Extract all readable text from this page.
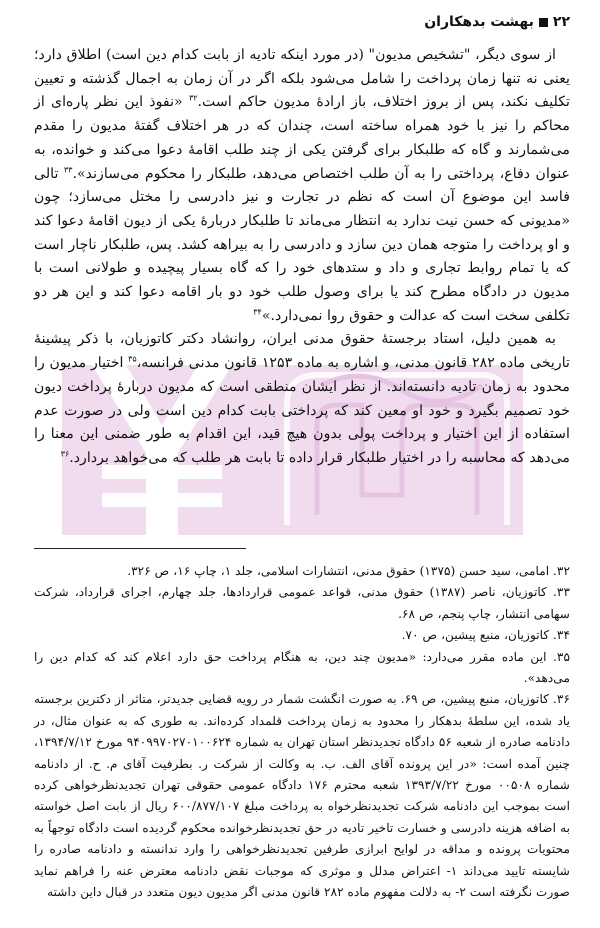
۲۲
بهشت بدهکاران

از سوی دیگر، "تشخیص مدیون" (در مورد اینکه تادیه از بابت کدام دین است) اطلاق دارد؛ یعنی نه تنها زمان پرداخت را شامل می‌شود بلکه اگر در آن زمان به اجمال گذشته و تعیین تکلیف نکند، پس از بروز اختلاف، باز ارادهٔ مدیون حاکم است.$^{۳۲}$ «نفوذ این نظر پاره‌ای از محاکم را نیز با خود همراه ساخته است، چندان که در هر اختلاف گفتهٔ مدیون را مقدم می‌شمارند و گاه که طلبکار برای گرفتن یکی از چند طلب اقامهٔ دعوا می‌کند و خوانده، به عنوان دفاع، پرداختی را به آن طلب اختصاص می‌دهد، طلبکار را محکوم می‌سازند».$^{۳۳}$ تالی فاسد این موضوع آن است که نظم در تجارت و نیز دادرسی را مختل می‌سازد؛ چون «مدیونی که حسن نیت ندارد به انتظار می‌ماند تا طلبکار دربارهٔ یکی از دیون اقامهٔ دعوا کند و او پرداخت را متوجه همان دین سازد و دادرسی را به بیراهه کشد. پس، طلبکار ناچار است که یا تمام روابط تجاری و داد و ستدهای خود را که گاه بسیار پیچیده و طولانی است با مدیون در دادگاه مطرح کند یا برای وصول طلب خود دو بار اقامه دعوا کند و این هر دو تکلفی سخت است که عدالت و حقوق روا نمی‌دارد.»$^{۳۴}$

به همین دلیل، استاد برجستهٔ حقوق مدنی ایران، روانشاد دکتر کاتوزیان، با ذکر پیشینهٔ تاریخی ماده ۲۸۲ قانون مدنی، و اشاره به ماده ۱۲۵۳ قانون مدنی فرانسه،$^{۳۵}$ اختیار مدیون را محدود به زمان تادیه دانسته‌اند. از نظر ایشان منطقی است که مدیون دربارهٔ پرداخت دیون خود تصمیم بگیرد و خود او معین کند که پرداختی بابت کدام دین است ولی در صورت عدم استفاده از این اختیار و پرداخت پولی بدون هیچ قید، این اقدام به طور ضمنی این معنا را می‌دهد که محاسبه را در اختیار طلبکار قرار داده تا بابت هر طلب که می‌خواهد بردارد.$^{۳۶}$

۳۲. امامی، سید حسن (۱۳۷۵) حقوق مدنی، انتشارات اسلامی، جلد ۱، چاپ ۱۶، ص ۳۲۶.

۳۳. کاتوزیان، ناصر (۱۳۸۷) حقوق مدنی، قواعد عمومی قراردادها، جلد چهارم، اجرای قرارداد، شرکت سهامی انتشار، چاپ پنجم، ص ۶۸.

۳۴. کاتوزیان، منبع پیشین، ص ۷۰.

۳۵. این ماده مقرر می‌دارد: «مدیون چند دین، به هنگام پرداخت حق دارد اعلام کند که کدام دین را می‌دهد».

۳۶. کاتوزیان، منبع پیشین، ص ۶۹. به صورت انگشت شمار در رویه قضایی جدیدتر، متاثر از دکترین برجسته یاد شده، این سلطهٔ بدهکار را محدود به زمان پرداخت قلمداد کرده‌اند. به طوری که به عنوان مثال، در دادنامه صادره از شعبه ۵۶ دادگاه تجدیدنظر استان تهران به شماره ۹۴۰۹۹۷۰۲۷۰۱۰۰۶۲۴ مورخ ۱۳۹۴/۷/۱۲، چنین آمده است: «در این پرونده آقای الف. ب. به وکالت از شرکت ر. بطرفیت آقای م. ح. از دادنامه شماره ۰۰۵۰۸ مورخ ۱۳۹۳/۷/۲۲ شعبه محترم ۱۷۶ دادگاه عمومی حقوقی تهران تجدیدنظرخواهی کرده است بموجب این دادنامه شرکت تجدیدنظرخواه به پرداخت مبلغ ۶۰۰/۸۷۷/۱۰۷ ریال از بابت اصل خواسته به اضافه هزینه دادرسی و خسارت تاخیر تادیه در حق تجدیدنظرخوانده محکوم گردیده است دادگاه توجهاً به محتویات پرونده و مداقه در لوایح ابرازی طرفین تجدیدنظرخواهی را وارد ندانسته و دادنامه صادره را شایسته تایید می‌داند ۱- اعتراض مدلل و موثری که موجبات نقض دادنامه معترض عنه را فراهم نماید صورت نگرفته است ۲- به دلالت مفهوم ماده ۲۸۲ قانون مدنی اگر مدیون دیون متعدد در قبال داین داشته
